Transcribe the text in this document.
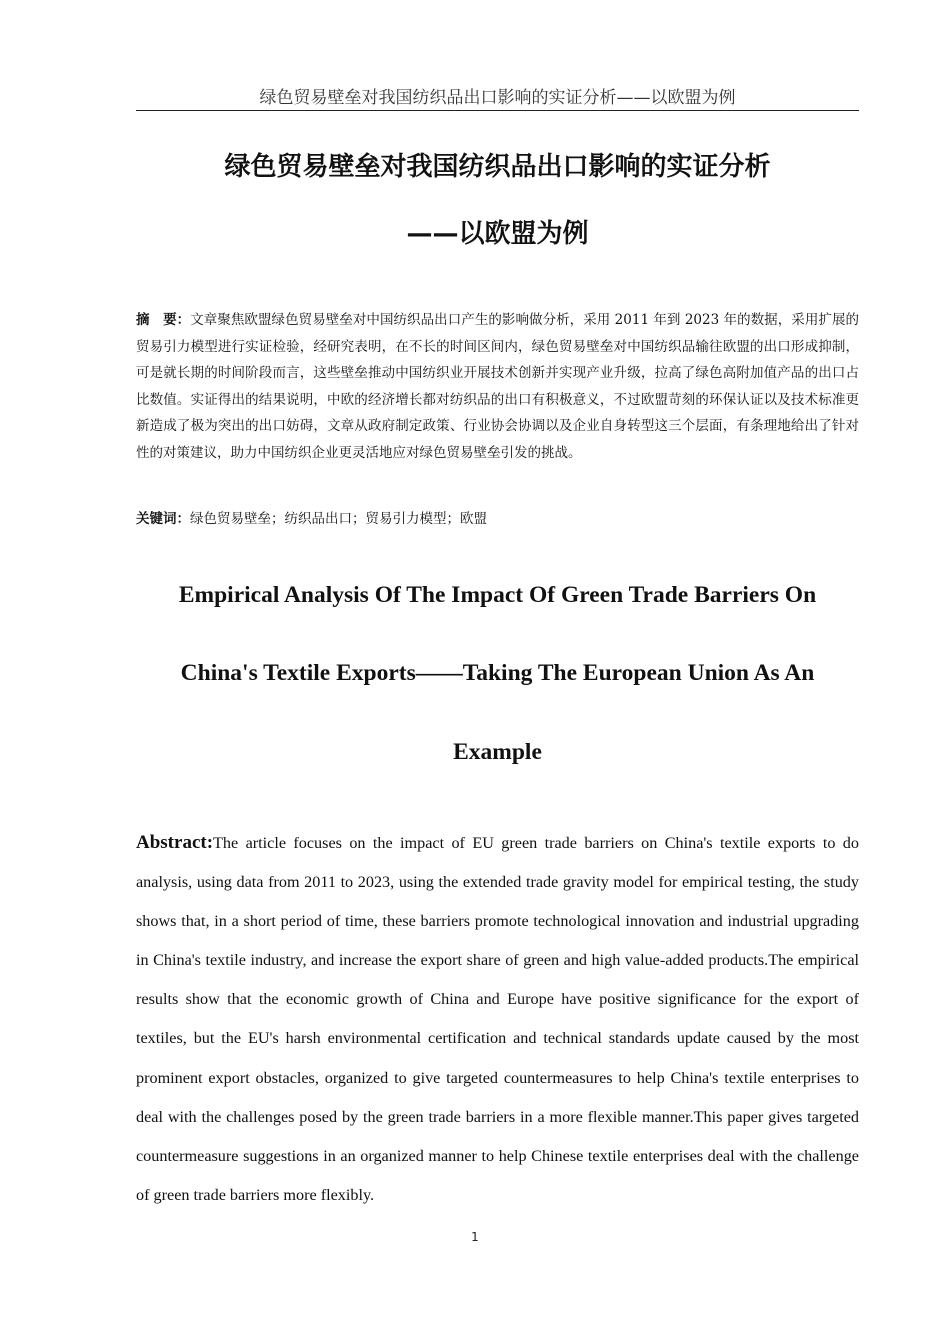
绿色贸易壁垒对我国纺织品出口影响的实证分析——以欧盟为例
绿色贸易壁垒对我国纺织品出口影响的实证分析
——以欧盟为例
摘　要：文章聚焦欧盟绿色贸易壁垒对中国纺织品出口产生的影响做分析，采用 2011 年到 2023 年的数据，采用扩展的贸易引力模型进行实证检验，经研究表明，在不长的时间区间内，绿色贸易壁垒对中国纺织品输往欧盟的出口形成抑制，可是就长期的时间阶段而言，这些壁垒推动中国纺织业开展技术创新并实现产业升级，拉高了绿色高附加值产品的出口占比数值。实证得出的结果说明，中欧的经济增长都对纺织品的出口有积极意义，不过欧盟苛刻的环保认证以及技术标准更新造成了极为突出的出口妨碍，文章从政府制定政策、行业协会协调以及企业自身转型这三个层面，有条理地给出了针对性的对策建议，助力中国纺织企业更灵活地应对绿色贸易壁垒引发的挑战。
关键词：绿色贸易壁垒；纺织品出口；贸易引力模型；欧盟
Empirical Analysis Of The Impact Of Green Trade Barriers On
China's Textile Exports——Taking The European Union As An
Example
Abstract:The article focuses on the impact of EU green trade barriers on China's textile exports to do analysis, using data from 2011 to 2023, using the extended trade gravity model for empirical testing, the study shows that, in a short period of time, these barriers promote technological innovation and industrial upgrading in China's textile industry, and increase the export share of green and high value-added products.The empirical results show that the economic growth of China and Europe have positive significance for the export of textiles, but the EU's harsh environmental certification and technical standards update caused by the most prominent export obstacles, organized to give targeted countermeasures to help China's textile enterprises to deal with the challenges posed by the green trade barriers in a more flexible manner.This paper gives targeted countermeasure suggestions in an organized manner to help Chinese textile enterprises deal with the challenge of green trade barriers more flexibly.
1
